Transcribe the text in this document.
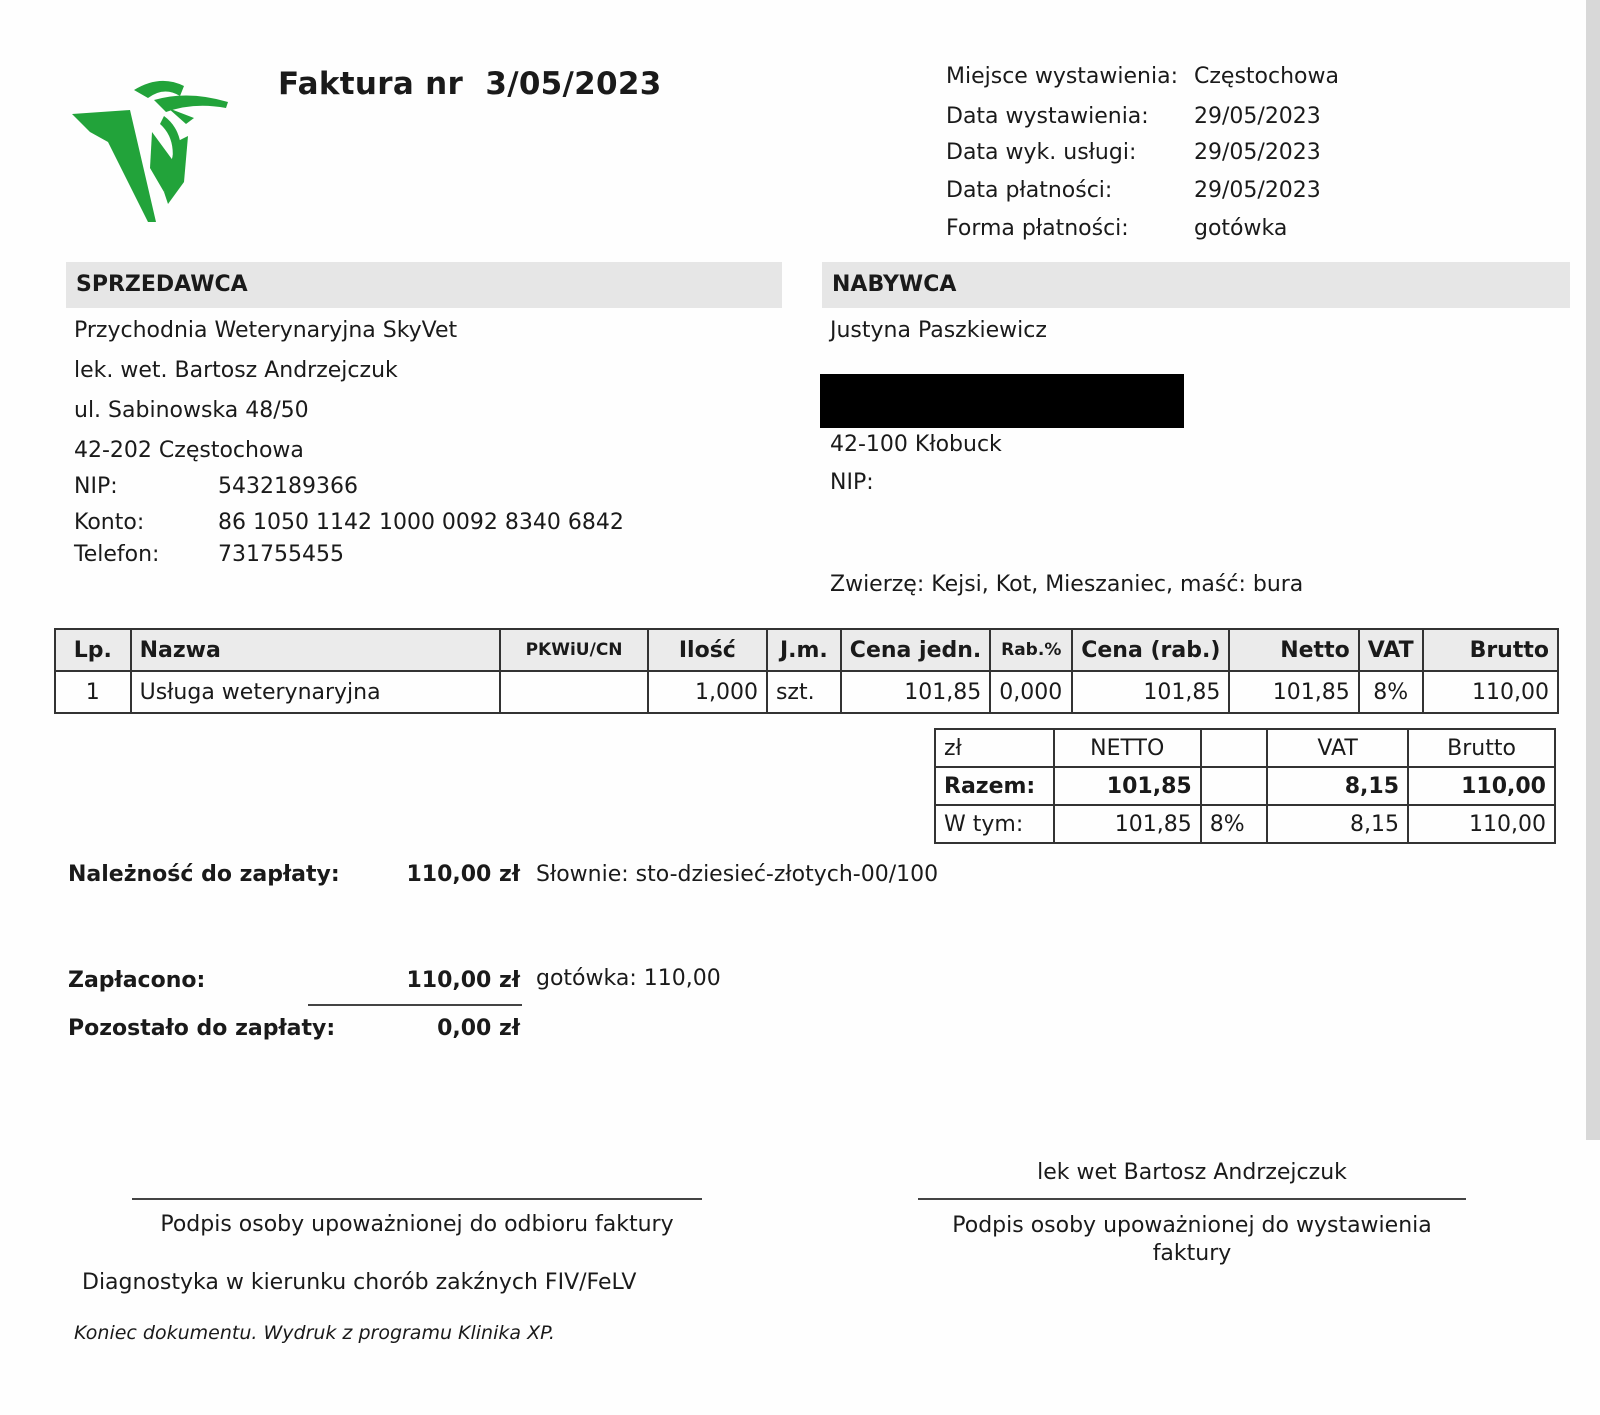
Faktura nr  3/05/2023	Miejsce wystawienia: Częstochowa
Data wystawienia: 29/05/2023
Data wyk. usługi:	29/05/2023
Data płatności:	29/05/2023
Forma płatności:	gotówka
SPRZEDAWCA
Przychodnia Weterynaryjna SkyVet
lek. wet. Bartosz Andrzejczuk
ul. Sabinowska 48/50
42-202 Częstochowa
NIP:	5432189366
Konto:	86 1050 1142 1000 0092 8340 6842
Telefon:	731755455
NABYWCA
Justyna Paszkiewicz
42-100 Kłobuck
NIP:
Zwierzę: Kejsi, Kot, Mieszaniec, maść: bura
Lp.	Nazwa	PKWiU/CN	Ilość	J.m.	Cena jedn.	Rab.%	Cena (rab.)	Netto	VAT	Brutto
1	Usługa weterynaryjna		1,000	szt.	101,85	0,000	101,85	101,85	8%	110,00
zł	NETTO		VAT	Brutto
Razem:	101,85		8,15	110,00
W tym:	101,85	8%	8,15	110,00
Należność do zapłaty:	110,00 zł Słownie: sto-dziesieć-złotych-00/100
Zapłacono:	110,00 zł gotówka: 110,00
Pozostało do zapłaty:	0,00 zł
lek wet Bartosz Andrzejczuk
Podpis osoby upoważnionej do odbioru faktury	Podpis osoby upoważnionej do wystawienia faktury
Diagnostyka w kierunku chorób zakźnych FIV/FeLV
Koniec dokumentu. Wydruk z programu Klinika XP.
